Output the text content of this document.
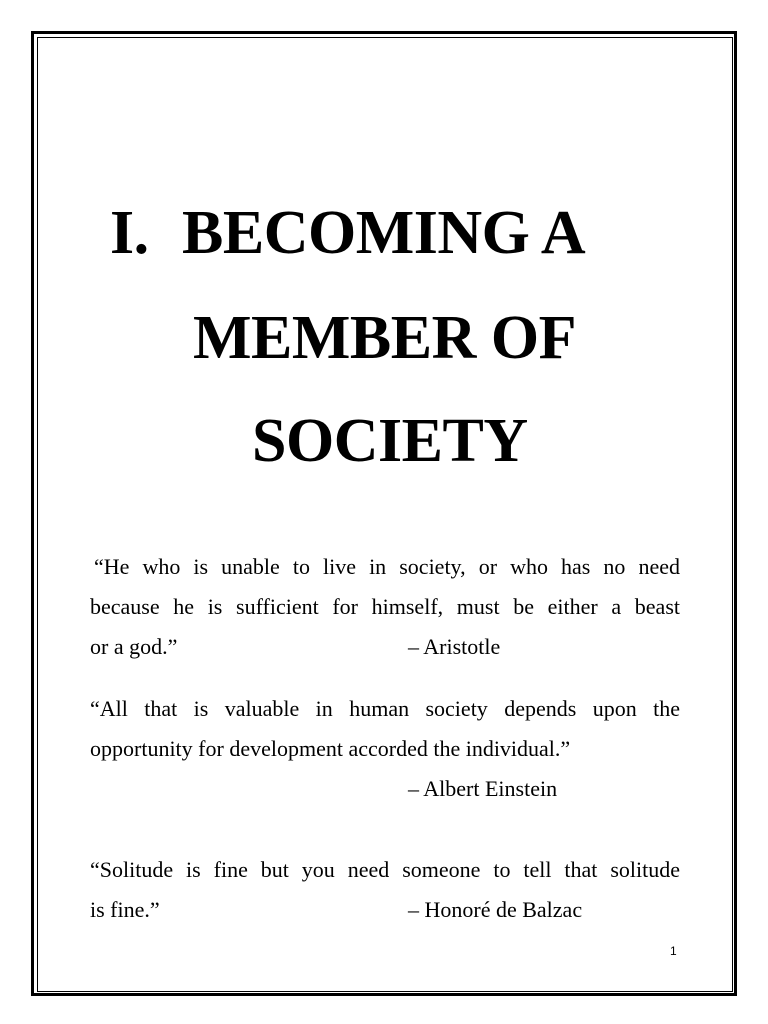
I. BECOMING A
MEMBER OF
SOCIETY
“He who is unable to live in society, or who has no need
because he is sufficient for himself, must be either a beast
or a god.”	– Aristotle
“All that is valuable in human society depends upon the
opportunity for development accorded the individual.”
– Albert Einstein
“Solitude is fine but you need someone to tell that solitude
is fine.”	– Honoré de Balzac
1
